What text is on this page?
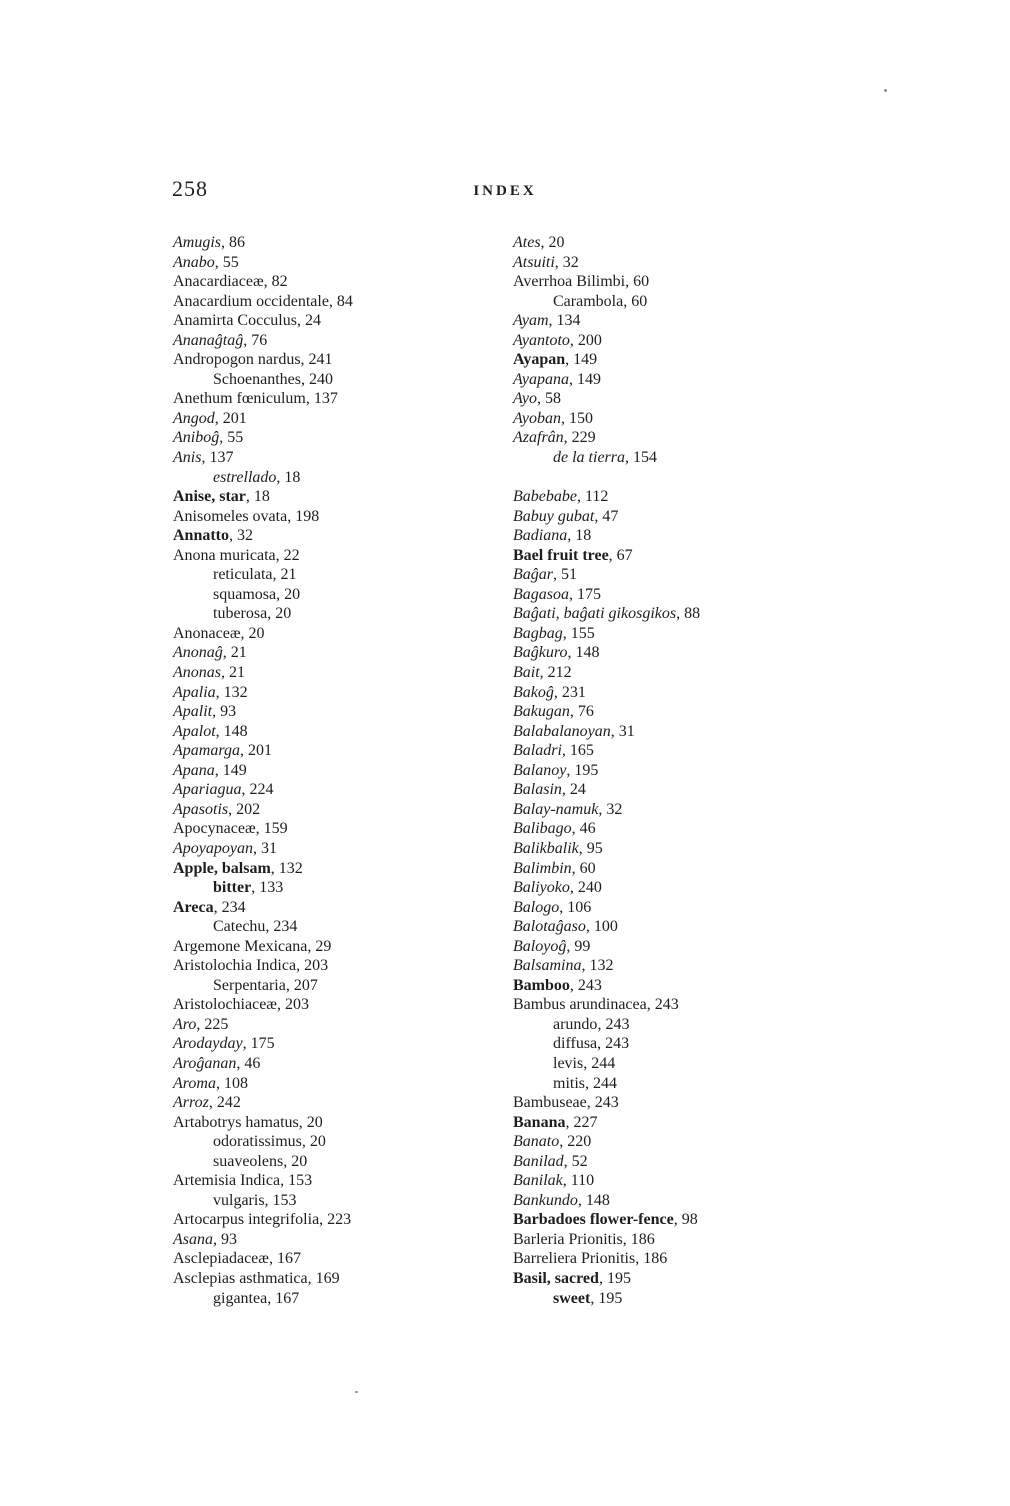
258	INDEX
Amugis, 86
Anabo, 55
Anacardiaceæ, 82
Anacardium occidentale, 84
Anamirta Cocculus, 24
Ananaĝtaĝ, 76
Andropogon nardus, 241
Schoenanthes, 240
Anethum fœniculum, 137
Angod, 201
Aniboĝ, 55
Anis, 137
estrellado, 18
Anise, star, 18
Anisomeles ovata, 198
Annatto, 32
Anona muricata, 22
reticulata, 21
squamosa, 20
tuberosa, 20
Anonaceæ, 20
Anonaĝ, 21
Anonas, 21
Apalia, 132
Apalit, 93
Apalot, 148
Apamarga, 201
Apana, 149
Apariagua, 224
Apasotis, 202
Apocynaceæ, 159
Apoyapoyan, 31
Apple, balsam, 132
bitter, 133
Areca, 234
Catechu, 234
Argemone Mexicana, 29
Aristolochia Indica, 203
Serpentaria, 207
Aristolochiaceæ, 203
Aro, 225
Arodayday, 175
Aroĝanan, 46
Aroma, 108
Arroz, 242
Artabotrys hamatus, 20
odoratissimus, 20
suaveolens, 20
Artemisia Indica, 153
vulgaris, 153
Artocarpus integrifolia, 223
Asana, 93
Asclepiadaceæ, 167
Asclepias asthmatica, 169
gigantea, 167
Ates, 20
Atsuiti, 32
Averrhoa Bilimbi, 60
Carambola, 60
Ayam, 134
Ayantoto, 200
Ayapan, 149
Ayapana, 149
Ayo, 58
Ayoban, 150
Azafrân, 229
de la tierra, 154
Babebabe, 112
Babuy gubat, 47
Badiana, 18
Bael fruit tree, 67
Baĝar, 51
Bagasoa, 175
Baĝati, baĝati gikosgikos, 88
Bagbag, 155
Baĝkuro, 148
Bait, 212
Bakoĝ, 231
Bakugan, 76
Balabalanoyan, 31
Baladri, 165
Balanoy, 195
Balasin, 24
Balay-namuk, 32
Balibago, 46
Balikbalik, 95
Balimbin, 60
Baliyoko, 240
Balogo, 106
Balotaĝaso, 100
Baloyoĝ, 99
Balsamina, 132
Bamboo, 243
Bambus arundinacea, 243
arundo, 243
diffusa, 243
levis, 244
mitis, 244
Bambuseae, 243
Banana, 227
Banato, 220
Banilad, 52
Banilak, 110
Bankundo, 148
Barbadoes flower-fence, 98
Barleria Prionitis, 186
Barreliera Prionitis, 186
Basil, sacred, 195
sweet, 195
